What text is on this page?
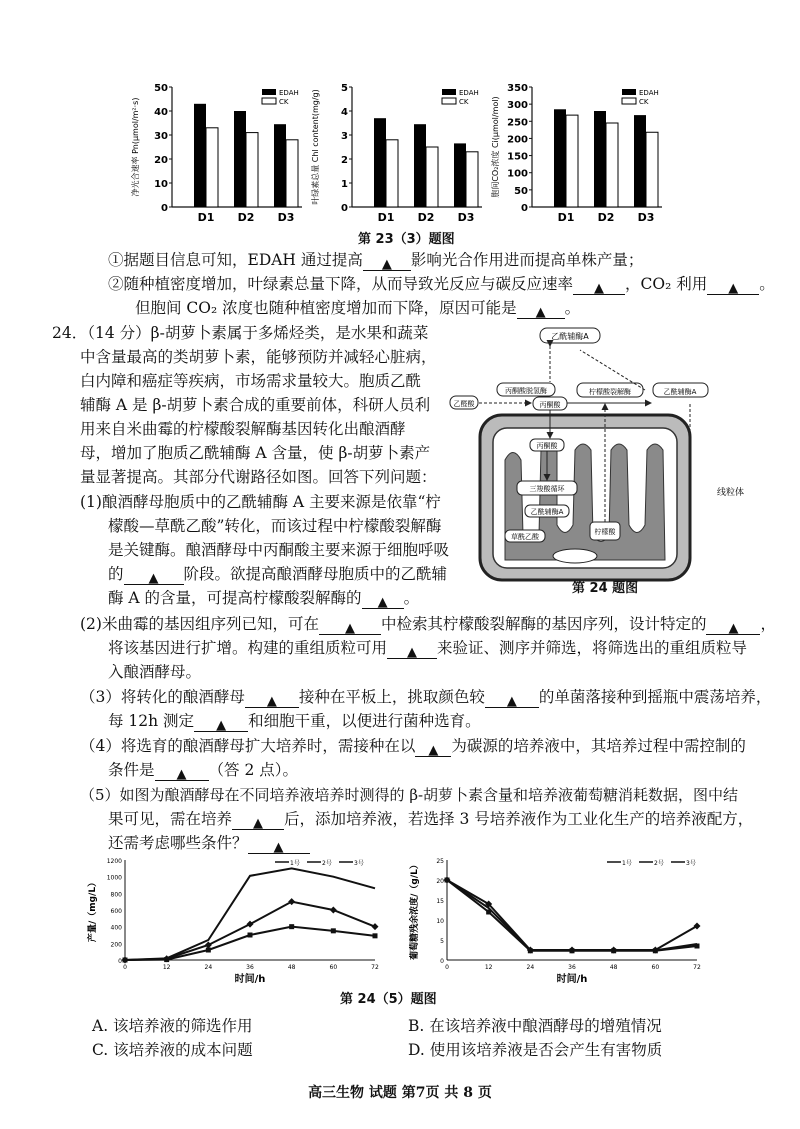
净光合速率 Pn(μmol/m²·s)
0
10
20
30
40
50
D1 D2 D3
EDAH
CK	叶绿素总量 Chl content(mg/g)
0
1
2
3
4
5
D1 D2 D3
EDAH
CK	胞间CO₂浓度 Ci(μmol/mol)
0
50
100
150
200
250
300
350
D1 D2 D3
EDAH
CK
第 23（3）题图
①据题目信息可知，EDAH 通过提高 ▲ 影响光合作用进而提高单株产量；
②随种植密度增加，叶绿素总量下降，从而导致光反应与碳反应速率 ▲ ，CO₂ 利用 ▲ 。
但胞间 CO₂ 浓度也随种植密度增加而下降，原因可能是 ▲ 。
24．（14 分）β-胡萝卜素属于多烯烃类，是水果和蔬菜
中含量最高的类胡萝卜素，能够预防并减轻心脏病，
白内障和癌症等疾病，市场需求量较大。胞质乙酰
辅酶 A 是 β-胡萝卜素合成的重要前体，科研人员利
用来自米曲霉的柠檬酸裂解酶基因转化出酿酒酵
母，增加了胞质乙酰辅酶 A 含量，使 β-胡萝卜素产
量显著提高。其部分代谢路径如图。回答下列问题：
乙酰辅酶A
乙醛酸
丙酮酸脱氢酶
丙酮酸
柠檬酸裂解酶	乙酰辅酶A
丙酮酸
三羧酸循环
乙酰辅酶A
草酰乙酸
柠檬酸
线粒体
第 24 题图
(1)酿酒酵母胞质中的乙酰辅酶 A 主要来源是依靠“柠
檬酸—草酰乙酸”转化，而该过程中柠檬酸裂解酶
是关键酶。酿酒酵母中丙酮酸主要来源于细胞呼吸
的 ▲ 阶段。欲提高酿酒酵母胞质中的乙酰辅
酶 A 的含量，可提高柠檬酸裂解酶的 ▲ 。
(2)米曲霉的基因组序列已知，可在 ▲ 中检索其柠檬酸裂解酶的基因序列，设计特定的 ▲ ，
将该基因进行扩增。构建的重组质粒可用 ▲ 来验证、测序并筛选，将筛选出的重组质粒导
入酿酒酵母。
（3）将转化的酿酒酵母 ▲ 接种在平板上，挑取颜色较 ▲ 的单菌落接种到摇瓶中震荡培养，
每 12h 测定 ▲ 和细胞干重，以便进行菌种选育。
（4）将选育的酿酒酵母扩大培养时，需接种在以 ▲ 为碳源的培养液中，其培养过程中需控制的
条件是 ▲ （答 2 点）。
（5）如图为酿酒酵母在不同培养液培养时测得的 β-胡萝卜素含量和培养液葡萄糖消耗数据，图中结
果可见，需在培养 ▲ 后，添加培养液，若选择 3 号培养液作为工业化生产的培养液配方，
还需考虑哪些条件？ ▲
产量/（mg/L）
0
200
400
600
800
1000
1200
0	12	24	36	48	60	72
时间/h
1号	2号	3号	葡萄糖残余浓度/（g/L）
0
5
10
15
20
25
0	12	24	36	48	60	72
时间/h
1号	2号	3号
第 24（5）题图
A. 该培养液的筛选作用	B. 在该培养液中酿酒酵母的增殖情况
C. 该培养液的成本问题	D. 使用该培养液是否会产生有害物质
高三生物 试题 第7页 共 8 页
